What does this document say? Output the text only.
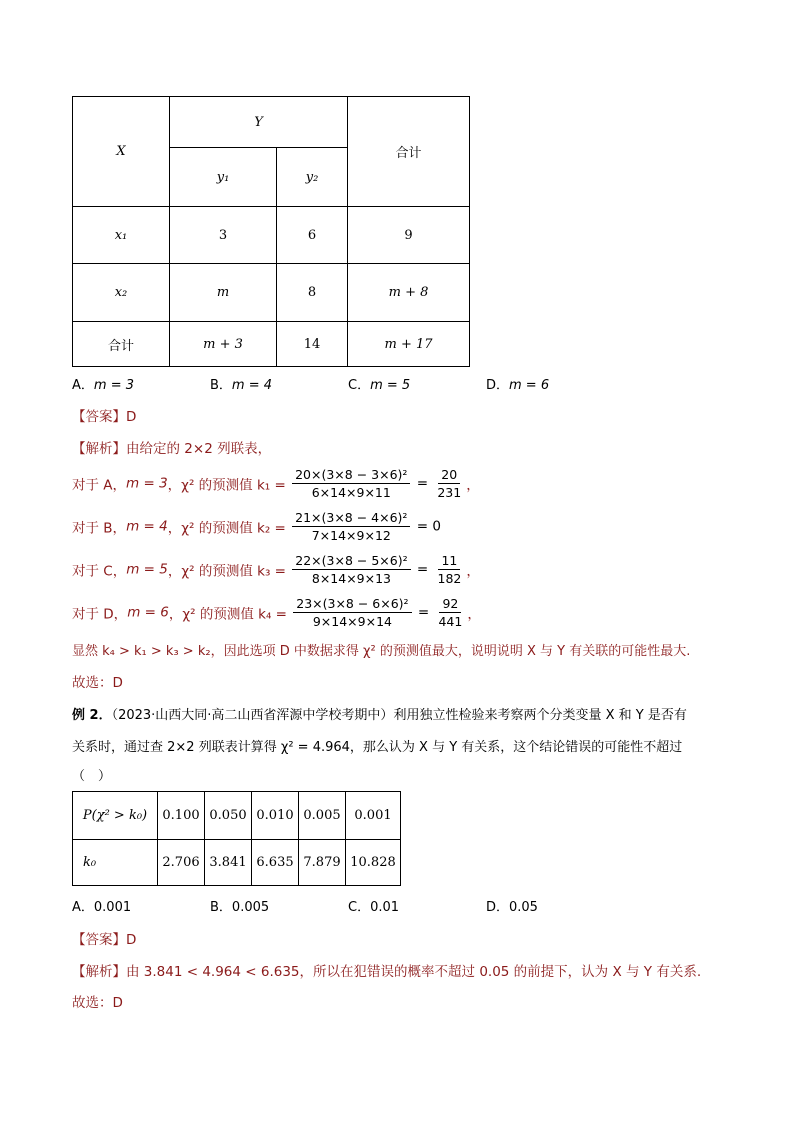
X	Y		合计
	y₁	y₂	
x₁	3	6	9
x₂	m	8	m + 8
合计	m + 3	14	m + 17
A．m = 3	B．m = 4	C．m = 5	D．m = 6
【答案】D
【解析】由给定的 2×2 列联表，
对于 A，m = 3，χ² 的预测值 $k_1 = \frac{\text{20×(3×8 − 3×6)²}}{6\times 14\times 9\times 11} = \frac{20}{231}$ ，
对于 B，m = 4，χ² 的预测值 $k_2 = \frac{\text{21×(3×8 − 4×6)²}}{7\times 14\times 9\times 12} = 0$
对于 C，m = 5，χ² 的预测值 $k_3 = \frac{\text{22×(3×8 − 5×6)²}}{8\times 14\times 9\times 13} = \frac{11}{182}$ ，
对于 D，m = 6，χ² 的预测值 $k_4 = \frac{\text{23×(3×8 − 6×6)²}}{9\times 14\times 9\times 14} = \frac{92}{441}$ ，
显然 k₄ > k₁ > k₃ > k₂，因此选项 D 中数据求得 χ² 的预测值最大，说明说明 X 与 Y 有关联的可能性最大.
故选：D
例 2．（2023·山西大同·高二山西省浑源中学校考期中）利用独立性检验来考察两个分类变量 X 和 Y 是否有
关系时，通过查 2×2 列联表计算得 χ² = 4.964，那么认为 X 与 Y 有关系，这个结论错误的可能性不超过
（　）
P(χ² > k₀)	0.100	0.050	0.010	0.005	0.001
k₀	2.706	3.841	6.635	7.879	10.828
A．0.001	B．0.005	C．0.01	D．0.05
【答案】D
【解析】由 3.841 < 4.964 < 6.635，所以在犯错误的概率不超过 0.05 的前提下，认为 X 与 Y 有关系.
故选：D
